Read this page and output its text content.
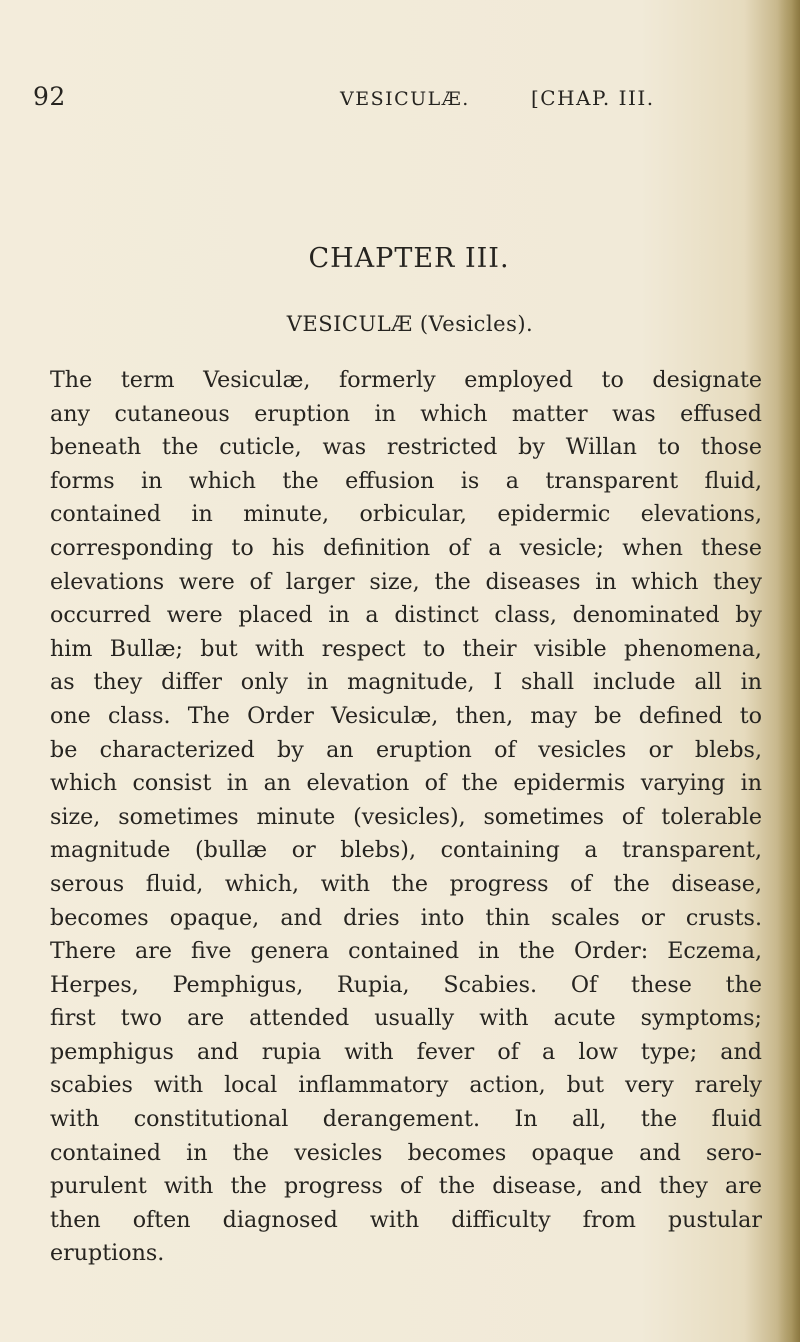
92	VESICULÆ.	[CHAP. III.
CHAPTER III.
VESICULÆ (Vesicles).
The term Vesiculæ, formerly employed to designate
any cutaneous eruption in which matter was effused
beneath the cuticle, was restricted by Willan to those
forms in which the effusion is a transparent fluid,
contained in minute, orbicular, epidermic elevations,
corresponding to his definition of a vesicle; when these
elevations were of larger size, the diseases in which they
occurred were placed in a distinct class, denominated by
him Bullæ; but with respect to their visible phenomena,
as they differ only in magnitude, I shall include all in
one class. The Order Vesiculæ, then, may be defined to
be characterized by an eruption of vesicles or blebs,
which consist in an elevation of the epidermis varying in
size, sometimes minute (vesicles), sometimes of tolerable
magnitude (bullæ or blebs), containing a transparent,
serous fluid, which, with the progress of the disease,
becomes opaque, and dries into thin scales or crusts.
There are five genera contained in the Order: Eczema,
Herpes, Pemphigus, Rupia, Scabies. Of these the
first two are attended usually with acute symptoms;
pemphigus and rupia with fever of a low type; and
scabies with local inflammatory action, but very rarely
with constitutional derangement. In all, the fluid
contained in the vesicles becomes opaque and sero-
purulent with the progress of the disease, and they are
then often diagnosed with difficulty from pustular
eruptions.
